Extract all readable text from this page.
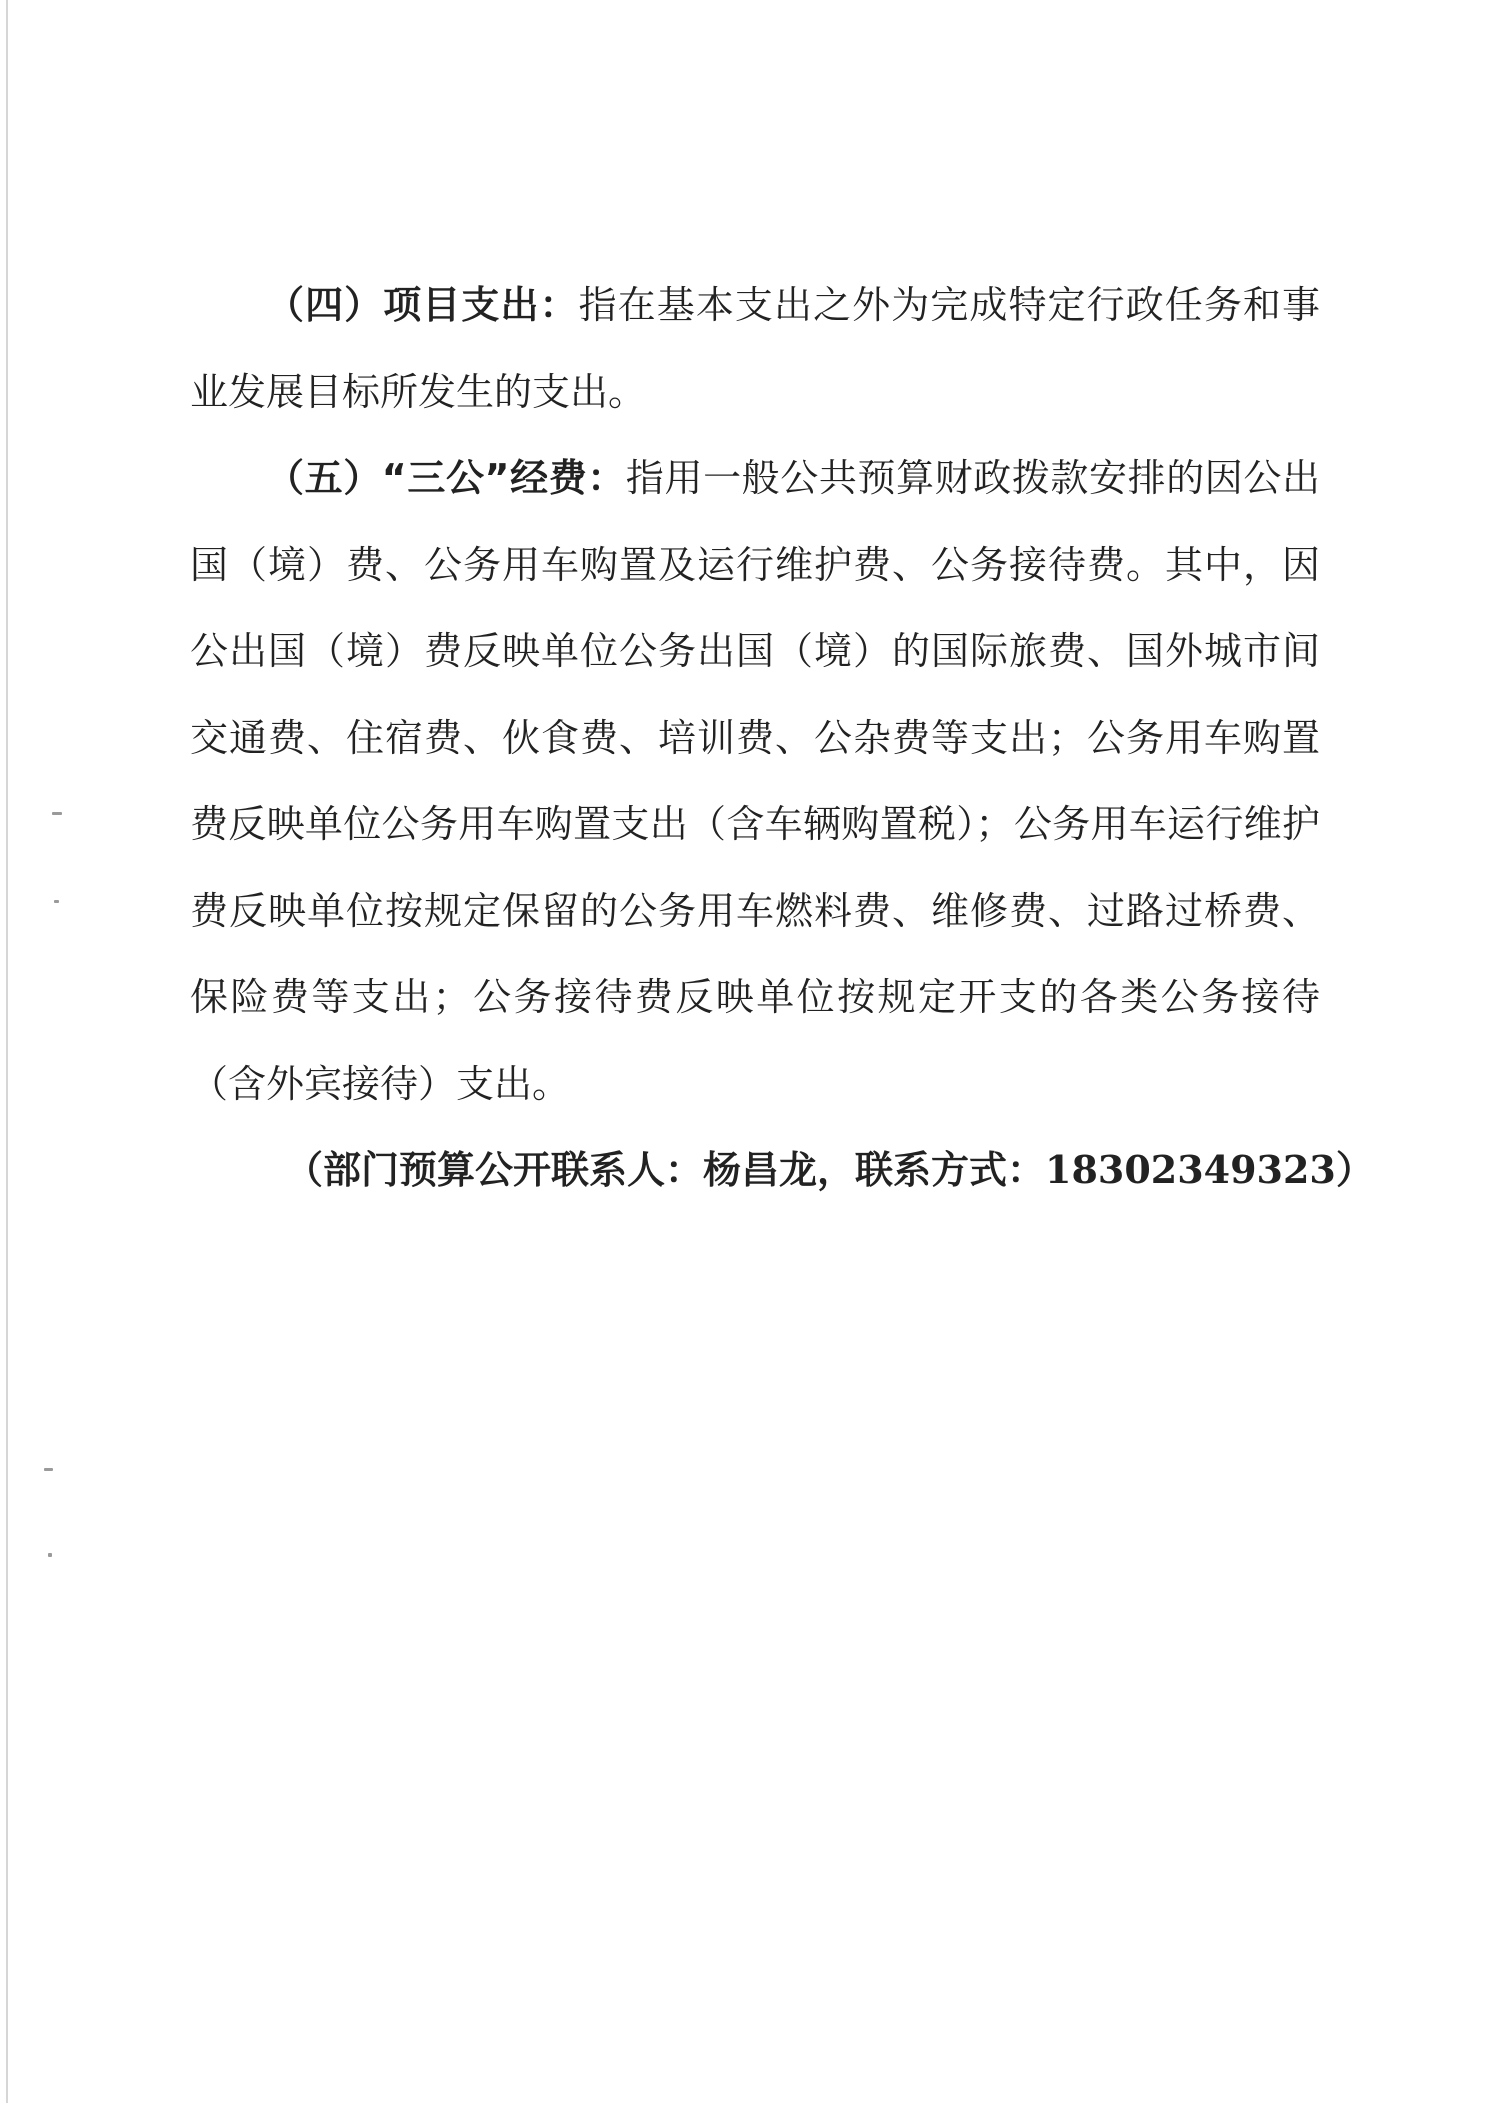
（四）项目支出：指在基本支出之外为完成特定行政任务和事业发展目标所发生的支出。

（五）“三公”经费：指用一般公共预算财政拨款安排的因公出国（境）费、公务用车购置及运行维护费、公务接待费。其中，因公出国（境）费反映单位公务出国（境）的国际旅费、国外城市间交通费、住宿费、伙食费、培训费、公杂费等支出；公务用车购置费反映单位公务用车购置支出（含车辆购置税）；公务用车运行维护费反映单位按规定保留的公务用车燃料费、维修费、过路过桥费、保险费等支出；公务接待费反映单位按规定开支的各类公务接待（含外宾接待）支出。

（部门预算公开联系人：杨昌龙，联系方式：18302349323）
